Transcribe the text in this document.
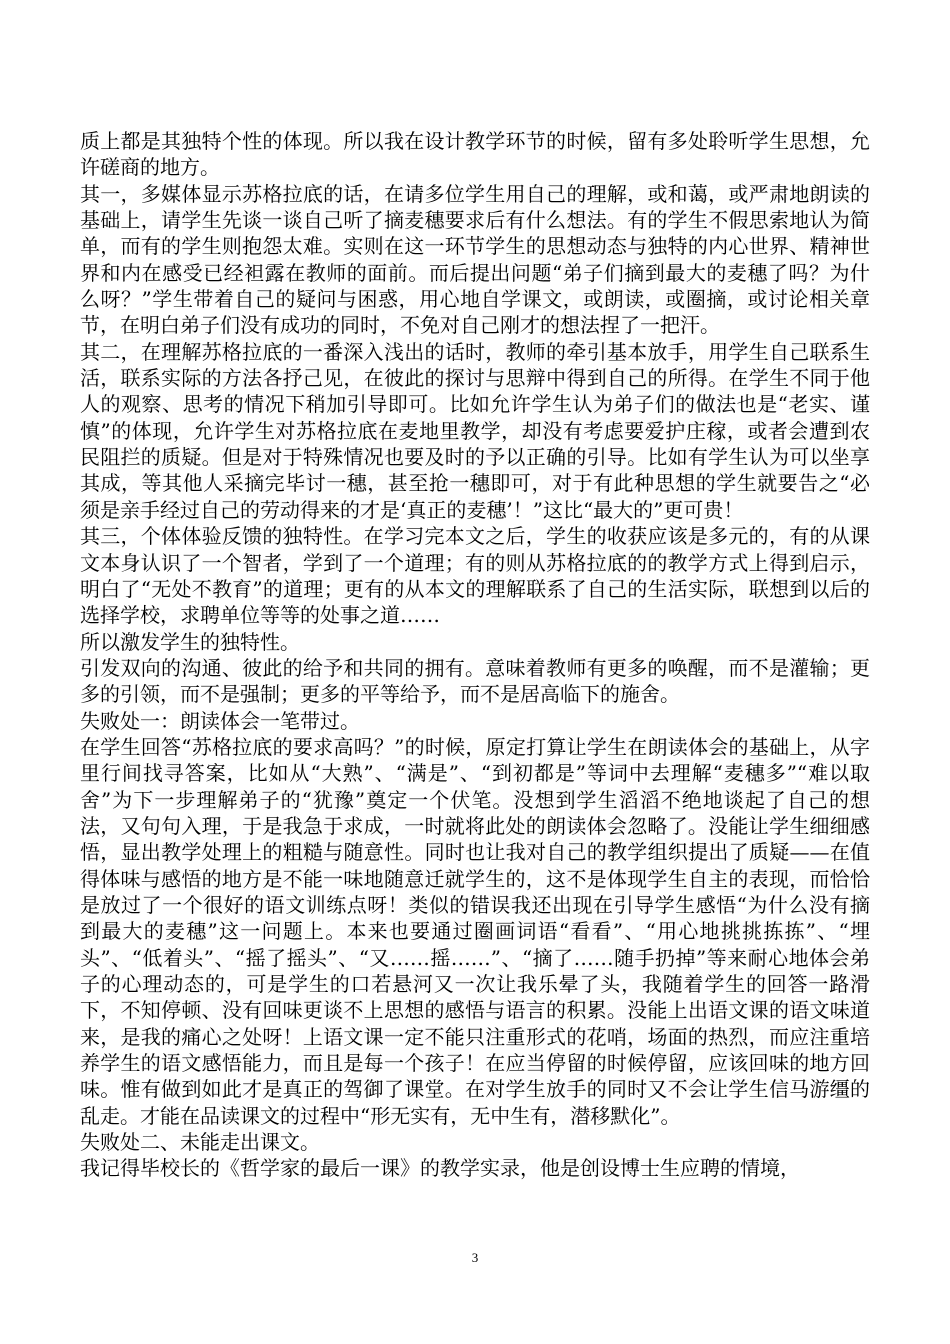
质上都是其独特个性的体现。所以我在设计教学环节的时候，留有多处聆听学生思想，允许磋商的地方。

其一，多媒体显示苏格拉底的话，在请多位学生用自己的理解，或和蔼，或严肃地朗读的基础上，请学生先谈一谈自己听了摘麦穗要求后有什么想法。有的学生不假思索地认为简单，而有的学生则抱怨太难。实则在这一环节学生的思想动态与独特的内心世界、精神世界和内在感受已经袒露在教师的面前。而后提出问题“弟子们摘到最大的麦穗了吗？为什么呀？”学生带着自己的疑问与困惑，用心地自学课文，或朗读，或圈摘，或讨论相关章节，在明白弟子们没有成功的同时，不免对自己刚才的想法捏了一把汗。

其二，在理解苏格拉底的一番深入浅出的话时，教师的牵引基本放手，用学生自己联系生活，联系实际的方法各抒己见，在彼此的探讨与思辩中得到自己的所得。在学生不同于他人的观察、思考的情况下稍加引导即可。比如允许学生认为弟子们的做法也是“老实、谨慎”的体现，允许学生对苏格拉底在麦地里教学，却没有考虑要爱护庄稼，或者会遭到农民阻拦的质疑。但是对于特殊情况也要及时的予以正确的引导。比如有学生认为可以坐享其成，等其他人采摘完毕讨一穗，甚至抢一穗即可，对于有此种思想的学生就要告之“必须是亲手经过自己的劳动得来的才是‘真正的麦穗’！”这比“最大的”更可贵！

其三，个体体验反馈的独特性。在学习完本文之后，学生的收获应该是多元的，有的从课文本身认识了一个智者，学到了一个道理；有的则从苏格拉底的的教学方式上得到启示，明白了“无处不教育”的道理；更有的从本文的理解联系了自己的生活实际，联想到以后的选择学校，求聘单位等等的处事之道……

所以激发学生的独特性。

引发双向的沟通、彼此的给予和共同的拥有。意味着教师有更多的唤醒，而不是灌输；更多的引领，而不是强制；更多的平等给予，而不是居高临下的施舍。

失败处一：朗读体会一笔带过。

在学生回答“苏格拉底的要求高吗？”的时候，原定打算让学生在朗读体会的基础上，从字里行间找寻答案，比如从“大熟”、“满是”、“到初都是”等词中去理解“麦穗多”“难以取舍”为下一步理解弟子的“犹豫”奠定一个伏笔。没想到学生滔滔不绝地谈起了自己的想法，又句句入理，于是我急于求成，一时就将此处的朗读体会忽略了。没能让学生细细感悟，显出教学处理上的粗糙与随意性。同时也让我对自己的教学组织提出了质疑——在值得体味与感悟的地方是不能一味地随意迁就学生的，这不是体现学生自主的表现，而恰恰是放过了一个很好的语文训练点呀！类似的错误我还出现在引导学生感悟“为什么没有摘到最大的麦穗”这一问题上。本来也要通过圈画词语“看看”、“用心地挑挑拣拣”、“埋头”、“低着头”、“摇了摇头”、“又……摇……”、“摘了……随手扔掉”等来耐心地体会弟子的心理动态的，可是学生的口若悬河又一次让我乐晕了头，我随着学生的回答一路滑下，不知停顿、没有回味更谈不上思想的感悟与语言的积累。没能上出语文课的语文味道来，是我的痛心之处呀！上语文课一定不能只注重形式的花哨，场面的热烈，而应注重培养学生的语文感悟能力，而且是每一个孩子！在应当停留的时候停留，应该回味的地方回味。惟有做到如此才是真正的驾御了课堂。在对学生放手的同时又不会让学生信马游缰的乱走。才能在品读课文的过程中“形无实有，无中生有，潜移默化”。

失败处二、未能走出课文。

我记得毕校长的《哲学家的最后一课》的教学实录，他是创设博士生应聘的情境，

3
